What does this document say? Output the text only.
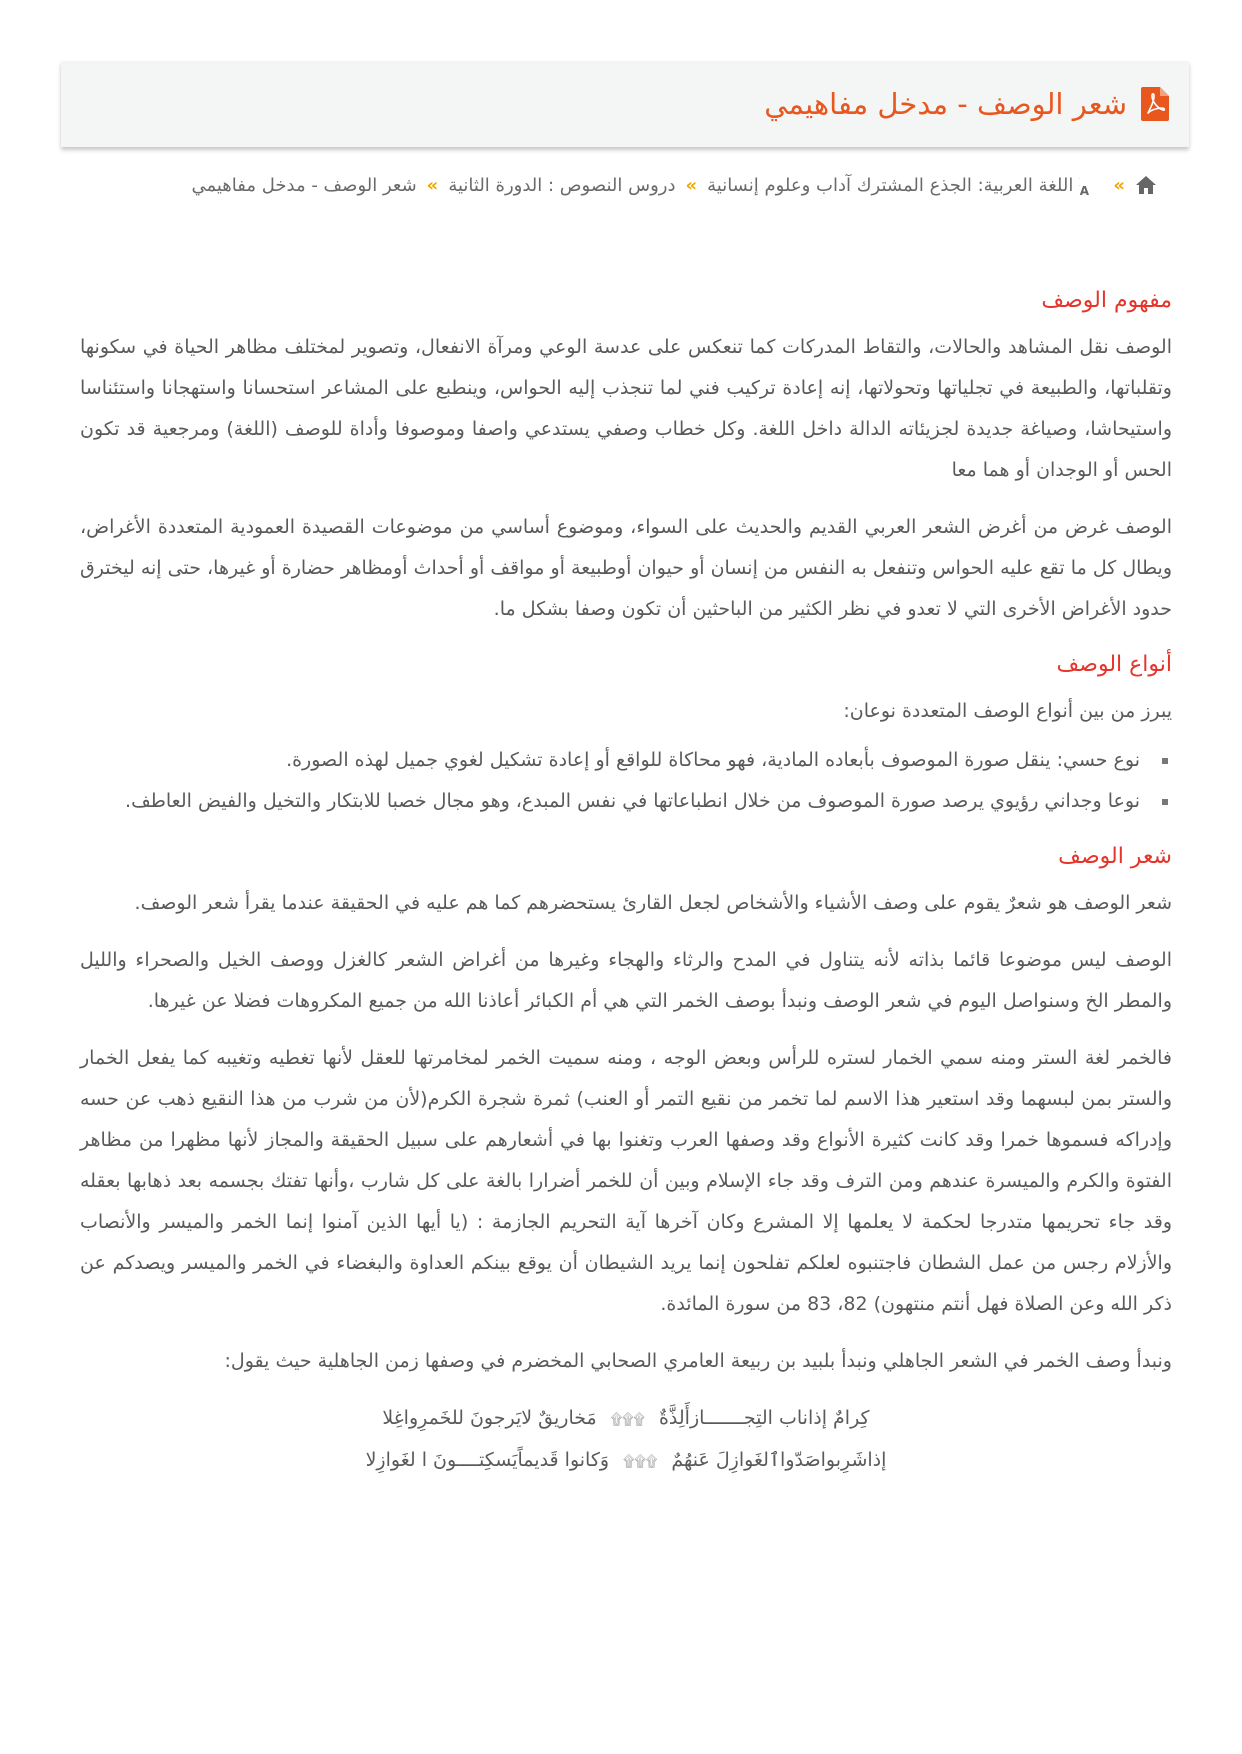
شعر الوصف - مدخل مفاهيمي
»
A
اللغة العربية: الجذع المشترك آداب وعلوم إنسانية
»
دروس النصوص : الدورة الثانية
»
شعر الوصف - مدخل مفاهيمي
مفهوم الوصف

الوصف نقل المشاهد والحالات، والتقاط المدركات كما تنعكس على عدسة الوعي ومرآة الانفعال، وتصوير لمختلف مظاهر الحياة في سكونها وتقلباتها، والطبيعة في تجلياتها وتحولاتها، إنه إعادة تركيب فني لما تنجذب إليه الحواس، وينطبع على المشاعر استحسانا واستهجانا واستئناسا واستيحاشا، وصياغة جديدة لجزيئاته الدالة داخل اللغة. وكل خطاب وصفي يستدعي واصفا وموصوفا وأداة للوصف (اللغة) ومرجعية قد تكون الحس أو الوجدان أو هما معا

الوصف غرض من أغرض الشعر العربي القديم والحديث على السواء، وموضوع أساسي من موضوعات القصيدة العمودية المتعددة الأغراض، ويطال كل ما تقع عليه الحواس وتنفعل به النفس من إنسان أو حيوان أوطبيعة أو مواقف أو أحداث أومظاهر حضارة أو غيرها، حتى إنه ليخترق حدود الأغراض الأخرى التي لا تعدو في نظر الكثير من الباحثين أن تكون وصفا بشكل ما.

أنواع الوصف

يبرز من بين أنواع الوصف المتعددة نوعان:

نوع حسي: ينقل صورة الموصوف بأبعاده المادية، فهو محاكاة للواقع أو إعادة تشكيل لغوي جميل لهذه الصورة.
نوعا وجداني رؤيوي يرصد صورة الموصوف من خلال انطباعاتها في نفس المبدع، وهو مجال خصبا للابتكار والتخيل والفيض العاطف.
شعر الوصف

شعر الوصف هو شعرٌ يقوم على وصف الأشياء والأشخاص لجعل القارئ يستحضرهم كما هم عليه في الحقيقة عندما يقرأ شعر الوصف.

الوصف ليس موضوعا قائما بذاته لأنه يتناول في المدح والرثاء والهجاء وغيرها من أغراض الشعر كالغزل ووصف الخيل والصحراء والليل والمطر الخ وسنواصل اليوم في شعر الوصف ونبدأ بوصف الخمر التي هي أم الكبائر أعاذنا الله من جميع المكروهات فضلا عن غيرها.

فالخمر لغة الستر ومنه سمي الخمار لستره للرأس وبعض الوجه ، ومنه سميت الخمر لمخامرتها للعقل لأنها تغطيه وتغيبه كما يفعل الخمار والستر بمن لبسهما وقد استعير هذا الاسم لما تخمر من نقيع التمر أو العنب) ثمرة شجرة الكرم(لأن من شرب من هذا النقيع ذهب عن حسه وإدراكه فسموها خمرا وقد كانت كثيرة الأنواع وقد وصفها العرب وتغنوا بها في أشعارهم على سبيل الحقيقة والمجاز لأنها مظهرا من مظاهر الفتوة والكرم والميسرة عندهم ومن الترف وقد جاء الإسلام وبين أن للخمر أضرارا بالغة على كل شارب ،وأنها تفتك بجسمه بعد ذهابها بعقله وقد جاء تحريمها متدرجا لحكمة لا يعلمها إلا المشرع وكان آخرها آية التحريم الجازمة : (يا أيها الذين آمنوا إنما الخمر والميسر والأنصاب والأزلام رجس من عمل الشطان فاجتنبوه لعلكم تفلحون إنما يريد الشيطان أن يوقع بينكم العداوة والبغضاء في الخمر والميسر ويصدكم عن ذكر الله وعن الصلاة فهل أنتم منتهون) 82، 83 من سورة المائدة.

ونبدأ وصف الخمر في الشعر الجاهلي ونبدأ بلبيد بن ربيعة العامري الصحابي المخضرم في وصفها زمن الجاهلية حيث يقول:

كِرامٌ إذاناب التِجـــــــازأَلِذَّةٌ ۩۩۩ مَخاريقٌ لايَرجونَ للخَمرِواغِلا

إذاشَرِبواصَدّواٱلغَوازِلَ عَنهُمٌ ۩۩۩ وَكانوا قَديماًيَسكِتــــونَ ا لغَوازِلا
